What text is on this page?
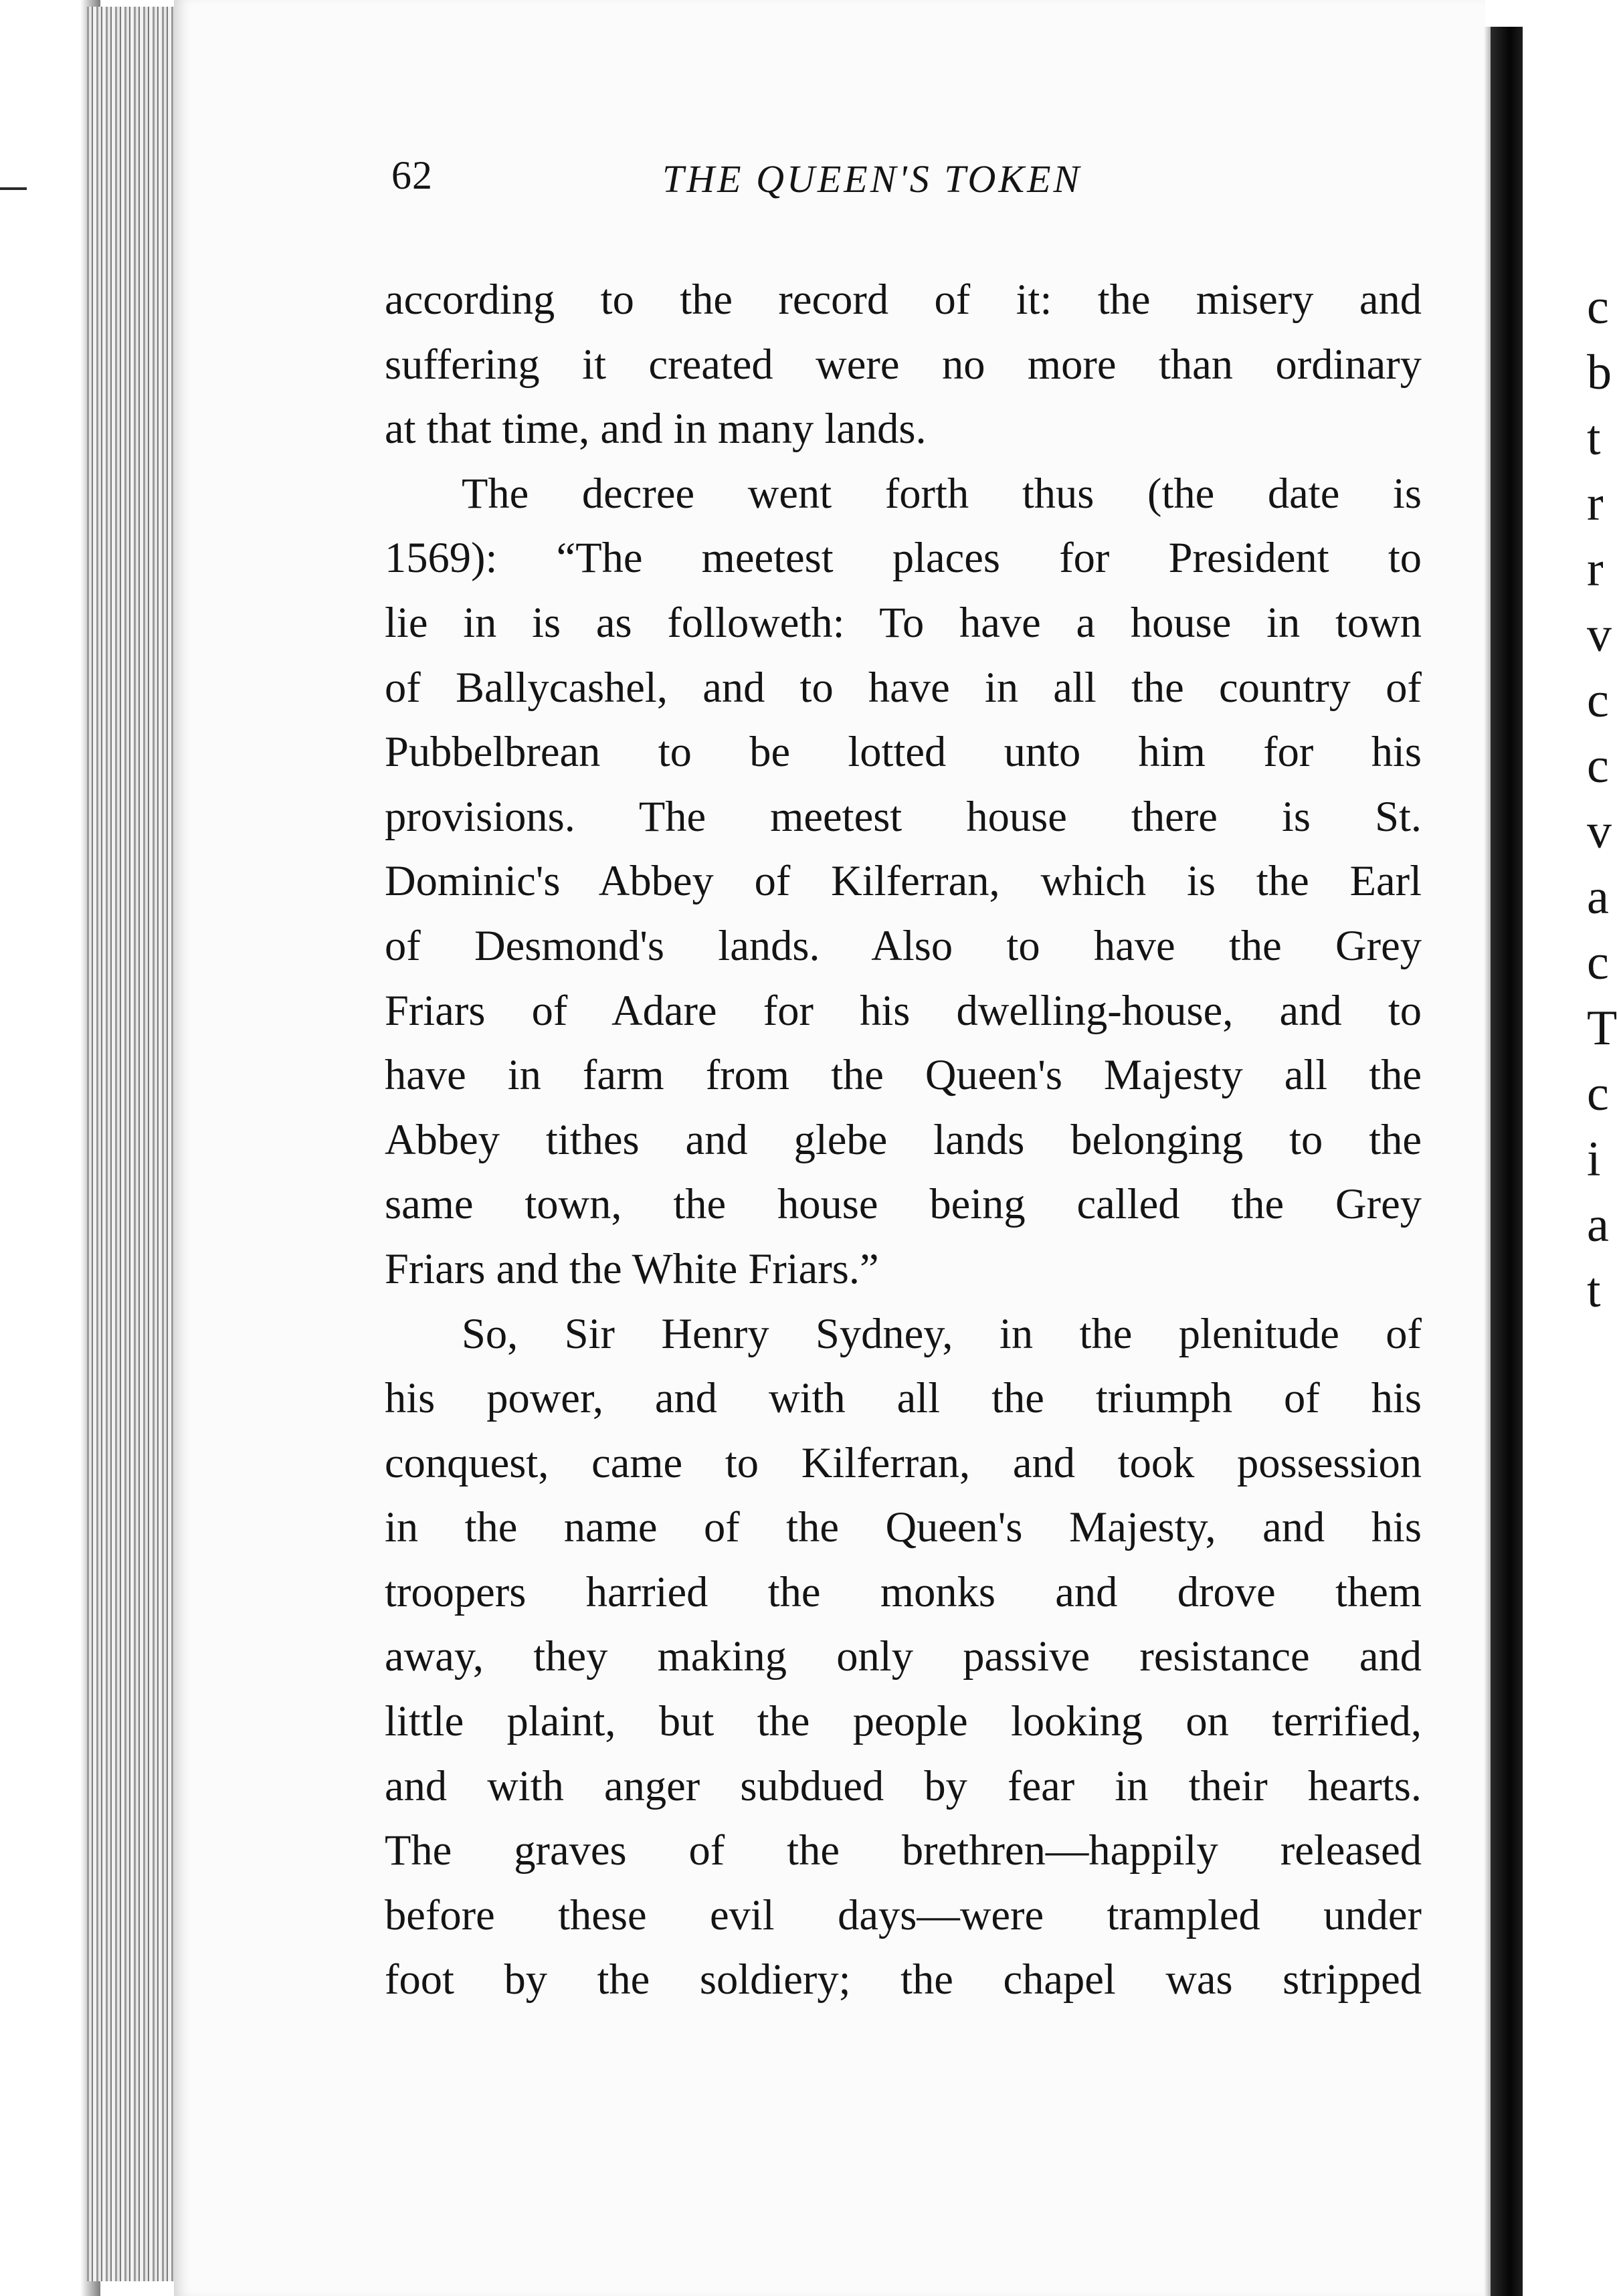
c
b
t
r
r
v
c
c
v
a
c
T
c
i
a
t
62	THE QUEEN'S TOKEN

according to the record of it: the misery and

suffering it created were no more than ordinary

at that time, and in many lands.

The decree went forth thus (the date is

1569): “The meetest places for President to

lie in is as followeth: To have a house in town

of Ballycashel, and to have in all the country of

Pubbelbrean to be lotted unto him for his

provisions. The meetest house there is St.

Dominic's Abbey of Kilferran, which is the Earl

of Desmond's lands. Also to have the Grey

Friars of Adare for his dwelling-house, and to

have in farm from the Queen's Majesty all the

Abbey tithes and glebe lands belonging to the

same town, the house being called the Grey

Friars and the White Friars.”

So, Sir Henry Sydney, in the plenitude of

his power, and with all the triumph of his

conquest, came to Kilferran, and took possession

in the name of the Queen's Majesty, and his

troopers harried the monks and drove them

away, they making only passive resistance and

little plaint, but the people looking on terrified,

and with anger subdued by fear in their hearts.

The graves of the brethren—happily released

before these evil days—were trampled under

foot by the soldiery; the chapel was stripped
